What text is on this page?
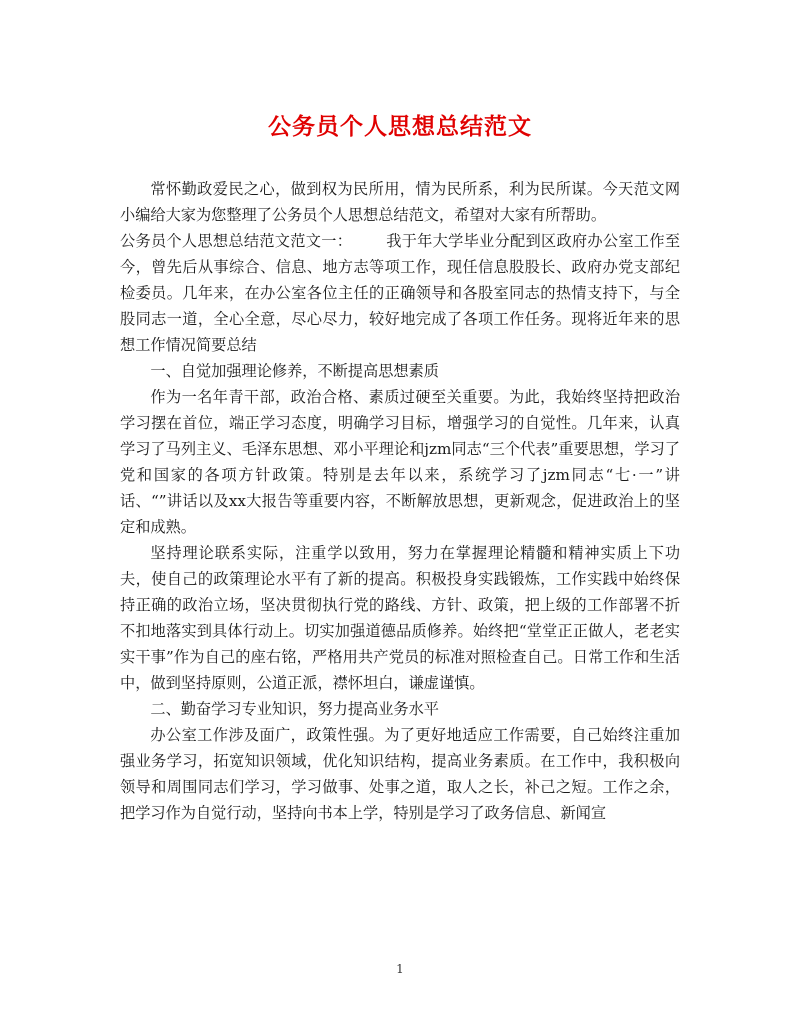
公务员个人思想总结范文

常怀勤政爱民之心，做到权为民所用，情为民所系，利为民所谋。今天范文网小编给大家为您整理了公务员个人思想总结范文，希望对大家有所帮助。

公务员个人思想总结范文范文一： 我于年大学毕业分配到区政府办公室工作至今，曾先后从事综合、信息、地方志等项工作，现任信息股股长、政府办党支部纪检委员。几年来，在办公室各位主任的正确领导和各股室同志的热情支持下，与全股同志一道，全心全意，尽心尽力，较好地完成了各项工作任务。现将近年来的思想工作情况简要总结

一、自觉加强理论修养，不断提高思想素质

作为一名年青干部，政治合格、素质过硬至关重要。为此，我始终坚持把政治学习摆在首位，端正学习态度，明确学习目标，增强学习的自觉性。几年来，认真学习了马列主义、毛泽东思想、邓小平理论和jzm同志“三个代表”重要思想，学习了党和国家的各项方针政策。特别是去年以来，系统学习了jzm同志“七·一”讲话、“”讲话以及xx大报告等重要内容，不断解放思想，更新观念，促进政治上的坚定和成熟。

坚持理论联系实际，注重学以致用，努力在掌握理论精髓和精神实质上下功夫，使自己的政策理论水平有了新的提高。积极投身实践锻炼，工作实践中始终保持正确的政治立场，坚决贯彻执行党的路线、方针、政策，把上级的工作部署不折不扣地落实到具体行动上。切实加强道德品质修养。始终把“堂堂正正做人，老老实实干事”作为自己的座右铭，严格用共产党员的标准对照检查自己。日常工作和生活中，做到坚持原则，公道正派，襟怀坦白，谦虚谨慎。

二、勤奋学习专业知识，努力提高业务水平

办公室工作涉及面广，政策性强。为了更好地适应工作需要，自己始终注重加强业务学习，拓宽知识领域，优化知识结构，提高业务素质。在工作中，我积极向领导和周围同志们学习，学习做事、处事之道，取人之长，补己之短。工作之余，把学习作为自觉行动，坚持向书本上学，特别是学习了政务信息、新闻宣

1
